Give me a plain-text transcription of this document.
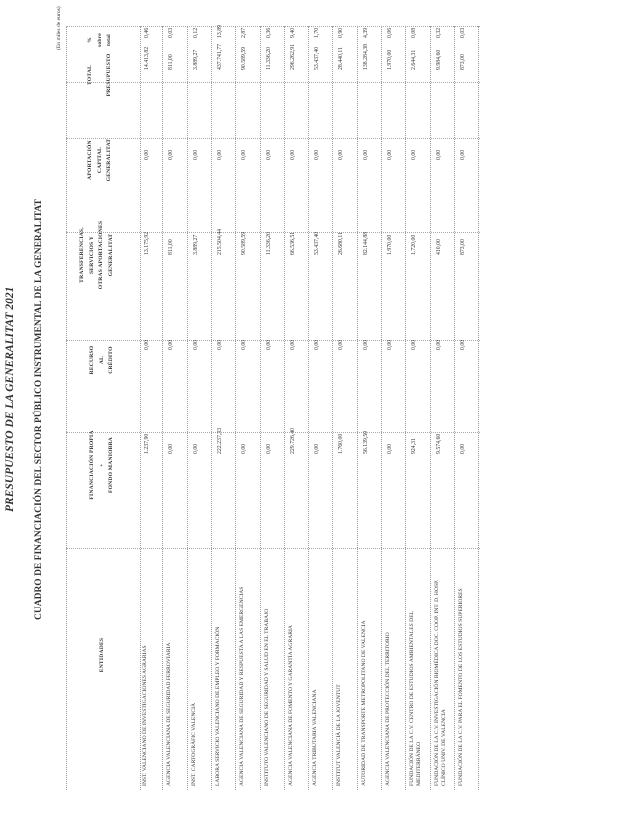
PRESUPUESTO DE LA GENERALITAT 2021 CUADRO DE FINANCIACIÓN DEL SECTOR PÚBLICO INSTRUMENTAL DE LA GENERALITAT
(En miles de euros)
ENTIDADES
FINANCIACIÓN PROPIA + FONDO MANIOBRA
RECURSO AL CRÉDITO
TRANSFERENCIAS, SERVICIOS Y OTRAS APORTACIONES GENERALITAT
APORTACIÓN CAPITAL GENERALITAT
TOTAL
	PRESUPUESTO
% sobre total
INST. VALENCIANO DE INVESTIGACIONES AGRARIAS
1.237,90
0,00
13.175,92
0,00
14.413,82
0,46
AGENCIA VALENCIANA DE SEGURIDAD FERROVIARIA
0,00
0,00
811,00
0,00
811,00
0,03
INST. CARTOGRÀFIC VALENCIÀ
0,00
0,00
3.889,27
0,00
3.889,27
0,12
LABORA SERVICIO VALENCIANO DE EMPLEO Y FORMACIÓN
222.237,33
0,00
215.504,44
0,00
437.741,77
13,89
AGENCIA VALENCIANA DE SEGURIDAD Y RESPUESTA A LAS EMERGENCIAS
0,00
0,00
90.589,59
0,00
90.589,59
2,87
INSTITUTO VALENCIANO DE SEGURIDAD Y SALUD EN EL TRABAJO
0,00
0,00
11.336,20
0,00
11.336,20
0,36
AGENCIA VALENCIANA DE FOMENTO Y GARANTÍA AGRARIA
229.726,40
0,00
66.536,51
0,00
296.262,91
9,40
AGENCIA TRIBUTARIA VALENCIANA
0,00
0,00
53.437,40
0,00
53.437,40
1,70
INSTITUT VALENCIÀ DE LA JOVENTUT
1.760,00
0,00
26.680,11
0,00
28.440,11
0,90
AUTORIDAD DE TRANSPORTE METROPOLITANO DE VALENCIA
56.139,50
0,00
82.144,88
0,00
138.284,38
4,39
AGENCIA VALENCIANA DE PROTECCIÓN DEL TERRITORIO
0,00
0,00
1.970,00
0,00
1.970,00
0,06
FUNDACIÓN DE LA C.V. CENTRO DE ESTUDIOS AMBIENTALES DEL MEDITERRÁNEO
924,31
0,00
1.720,00
0,00
2.644,31
0,08
FUNDACIÓN DE LA C.V. INVESTIGACIÓN BIOMÉDICA DOC. COOP. INT. D. HOSP. CLÍNICO UNIV. DE VALENCIA
9.574,60
0,00
410,00
0,00
9.984,60
0,32
FUNDACIÓN DE LA C.V. PARA EL FOMENTO DE LOS ESTUDIOS SUPERIORES
0,00
0,00
873,00
0,00
873,00
0,03
